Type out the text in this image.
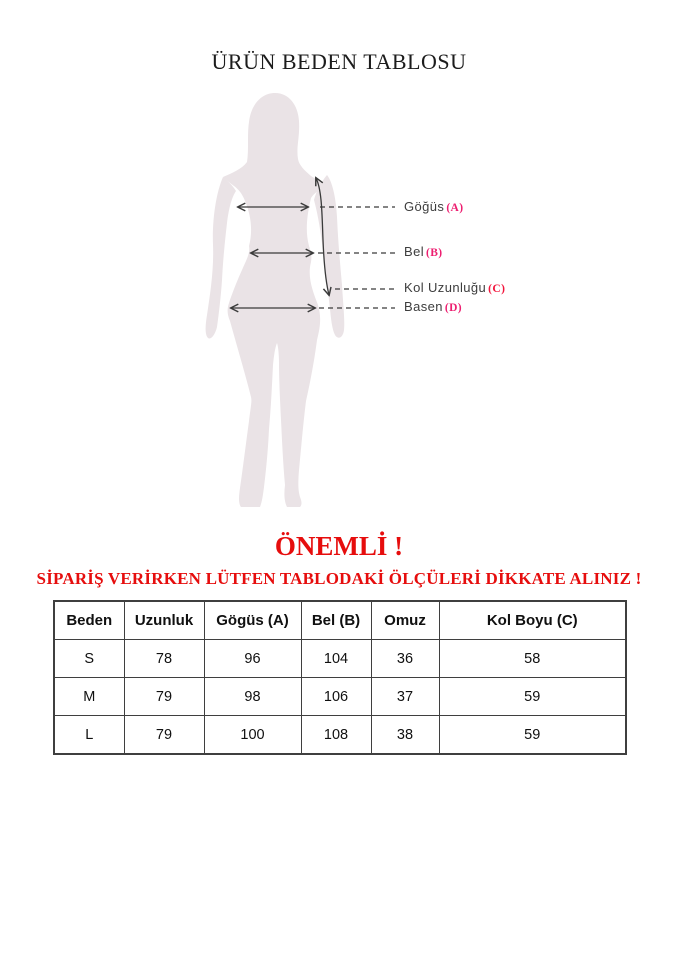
ÜRÜN BEDEN TABLOSU
Göğüs (A)
Bel (B)
Kol Uzunluğu (C)
Basen (D)
ÖNEMLİ !
SİPARİŞ VERİRKEN LÜTFEN TABLODAKİ ÖLÇÜLERİ DİKKATE ALINIZ !
Beden	Uzunluk	Gögüs (A)	Bel (B)	Omuz	Kol Boyu (C)
S	78	96	104	36	58
M	79	98	106	37	59
L	79	100	108	38	59
